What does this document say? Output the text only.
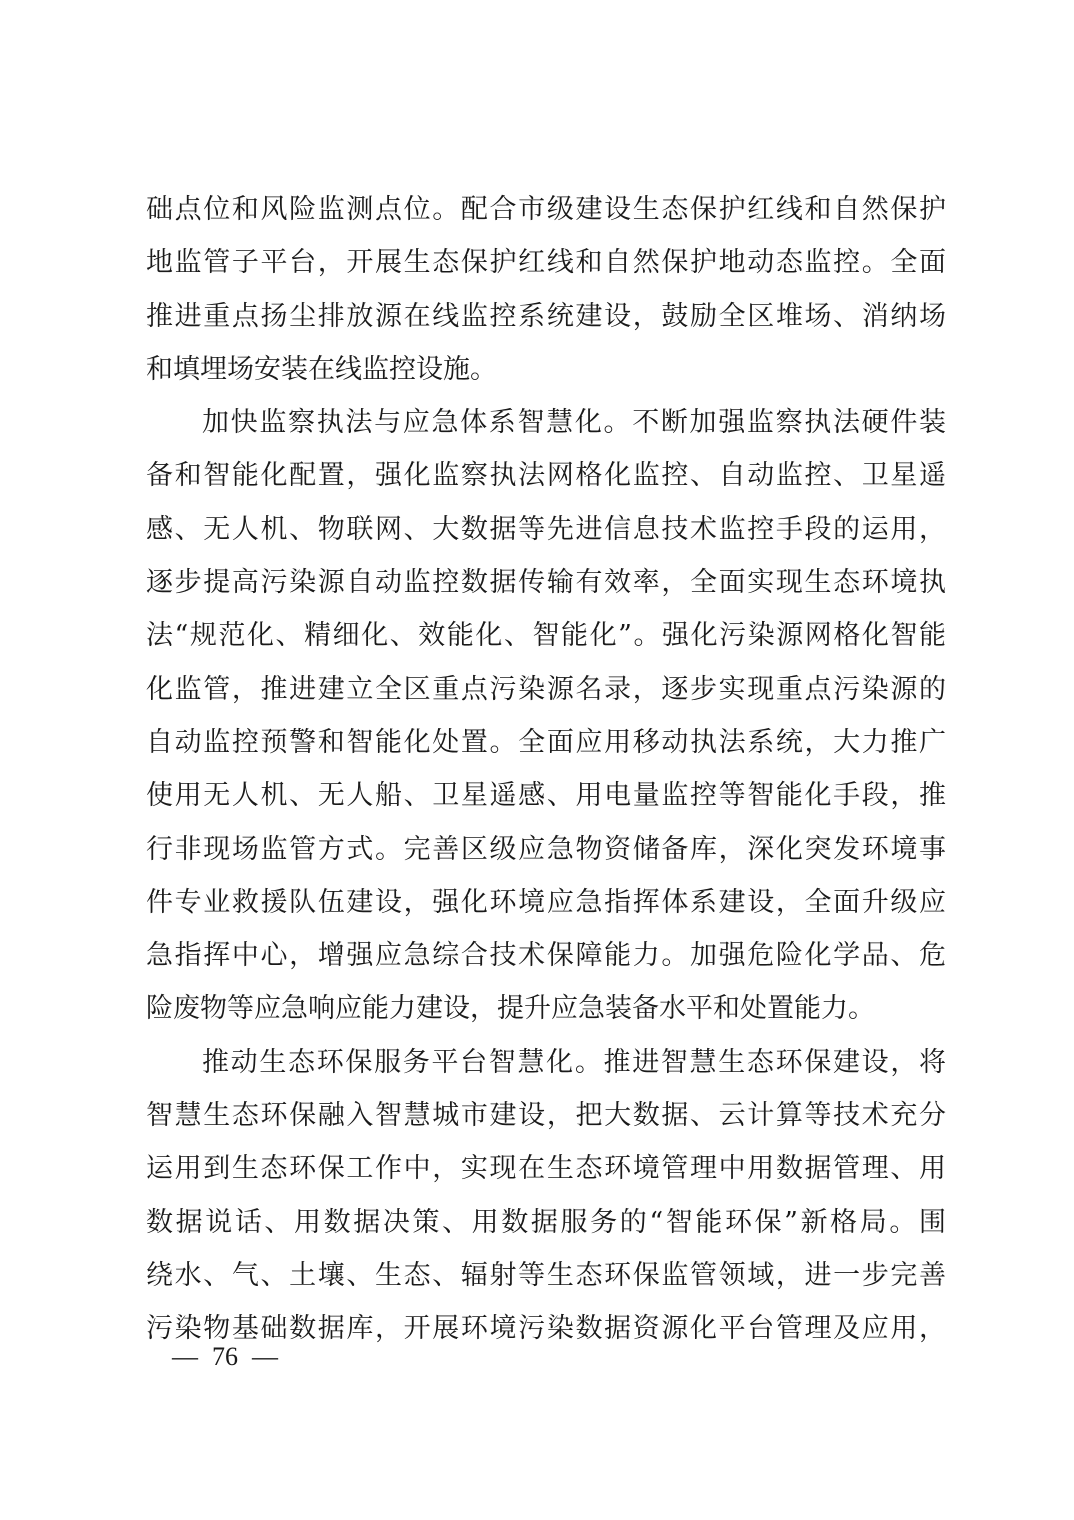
础点位和风险监测点位。配合市级建设生态保护红线和自然保护
地监管子平台，开展生态保护红线和自然保护地动态监控。全面
推进重点扬尘排放源在线监控系统建设，鼓励全区堆场、消纳场
和填埋场安装在线监控设施。
加快监察执法与应急体系智慧化。不断加强监察执法硬件装
备和智能化配置，强化监察执法网格化监控、自动监控、卫星遥
感、无人机、物联网、大数据等先进信息技术监控手段的运用，
逐步提高污染源自动监控数据传输有效率，全面实现生态环境执
法“规范化、精细化、效能化、智能化”。强化污染源网格化智能
化监管，推进建立全区重点污染源名录，逐步实现重点污染源的
自动监控预警和智能化处置。全面应用移动执法系统，大力推广
使用无人机、无人船、卫星遥感、用电量监控等智能化手段，推
行非现场监管方式。完善区级应急物资储备库，深化突发环境事
件专业救援队伍建设，强化环境应急指挥体系建设，全面升级应
急指挥中心，增强应急综合技术保障能力。加强危险化学品、危
险废物等应急响应能力建设，提升应急装备水平和处置能力。
推动生态环保服务平台智慧化。推进智慧生态环保建设，将
智慧生态环保融入智慧城市建设，把大数据、云计算等技术充分
运用到生态环保工作中，实现在生态环境管理中用数据管理、用
数据说话、用数据决策、用数据服务的“智能环保”新格局。围
绕水、气、土壤、生态、辐射等生态环保监管领域，进一步完善
污染物基础数据库，开展环境污染数据资源化平台管理及应用，
— 76 —
